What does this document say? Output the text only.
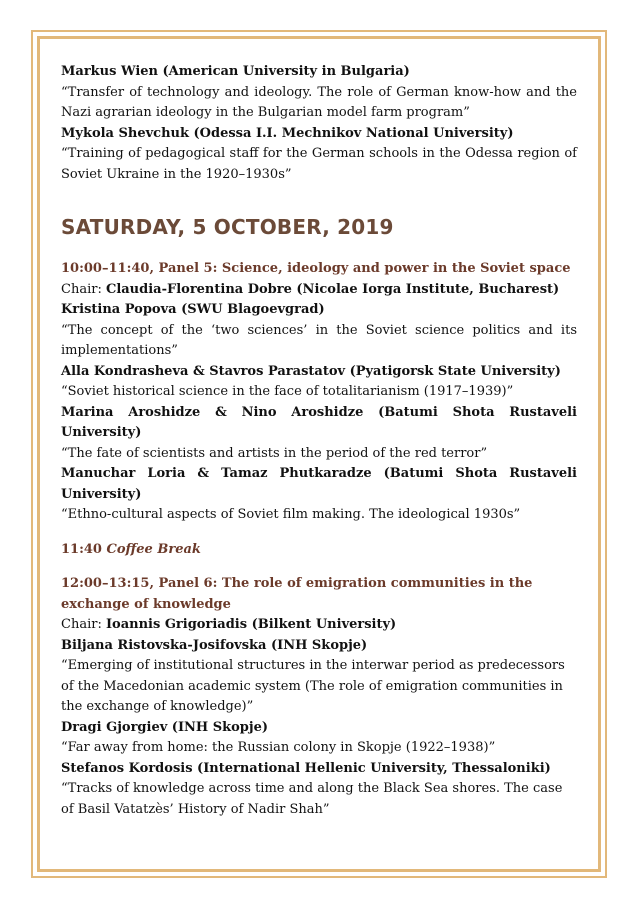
Markus Wien (American University in Bulgaria)
“Transfer of technology and ideology. The role of German know-how and the Nazi agrarian ideology in the Bulgarian model farm program”
Mykola Shevchuk (Odessa I.I. Mechnikov National University)
“Training of pedagogical staff for the German schools in the Odessa region of Soviet Ukraine in the 1920–1930s”
SATURDAY, 5 OCTOBER, 2019
10:00–11:40, Panel 5: Science, ideology and power in the Soviet space
Chair: Claudia-Florentina Dobre (Nicolae Iorga Institute, Bucharest)
Kristina Popova (SWU Blagoevgrad)
“The concept of the ‘two sciences’ in the Soviet science politics and its implementations”
Alla Kondrasheva & Stavros Parastatov (Pyatigorsk State University)
“Soviet historical science in the face of totalitarianism (1917–1939)”
Marina Aroshidze & Nino Aroshidze (Batumi Shota Rustaveli University)
“The fate of scientists and artists in the period of the red terror”
Manuchar Loria & Tamaz Phutkaradze (Batumi Shota Rustaveli University)
“Ethno-cultural aspects of Soviet film making. The ideological 1930s”
11:40 Coffee Break
12:00–13:15, Panel 6: The role of emigration communities in the exchange of knowledge
Chair: Ioannis Grigoriadis (Bilkent University)
Biljana Ristovska-Josifovska (INH Skopje)
“Emerging of institutional structures in the interwar period as predecessors of the Macedonian academic system (The role of emigration communities in the exchange of knowledge)”
Dragi Gjorgiev (INH Skopje)
“Far away from home: the Russian colony in Skopje (1922–1938)”
Stefanos Kordosis (International Hellenic University, Thessaloniki)
“Tracks of knowledge across time and along the Black Sea shores. The case of Basil Vatatzès’ History of Nadir Shah”
